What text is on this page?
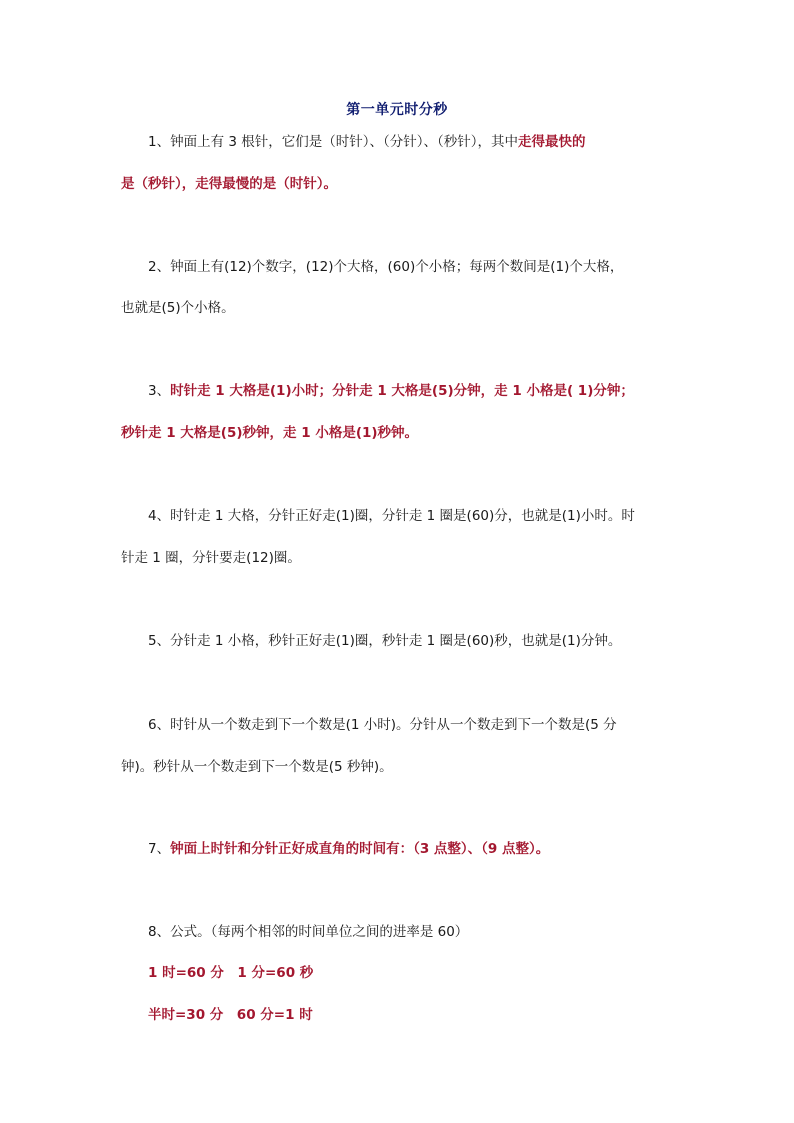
第一单元时分秒
1、钟面上有 3 根针，它们是（时针）、（分针）、（秒针），其中走得最快的
是（秒针），走得最慢的是（时针）。
2、钟面上有(12)个数字，(12)个大格，(60)个小格；每两个数间是(1)个大格，
也就是(5)个小格。
3、时针走 1 大格是(1)小时；分针走 1 大格是(5)分钟，走 1 小格是( 1)分钟；
秒针走 1 大格是(5)秒钟，走 1 小格是(1)秒钟。
4、时针走 1 大格，分针正好走(1)圈，分针走 1 圈是(60)分，也就是(1)小时。时
针走 1 圈，分针要走(12)圈。
5、分针走 1 小格，秒针正好走(1)圈，秒针走 1 圈是(60)秒，也就是(1)分钟。
6、时针从一个数走到下一个数是(1 小时)。分针从一个数走到下一个数是(5 分
钟)。秒针从一个数走到下一个数是(5 秒钟)。
7、钟面上时针和分针正好成直角的时间有：（3 点整）、（9 点整）。
8、公式。（每两个相邻的时间单位之间的进率是 60）
1 时=60 分　1 分=60 秒
半时=30 分　60 分=1 时
